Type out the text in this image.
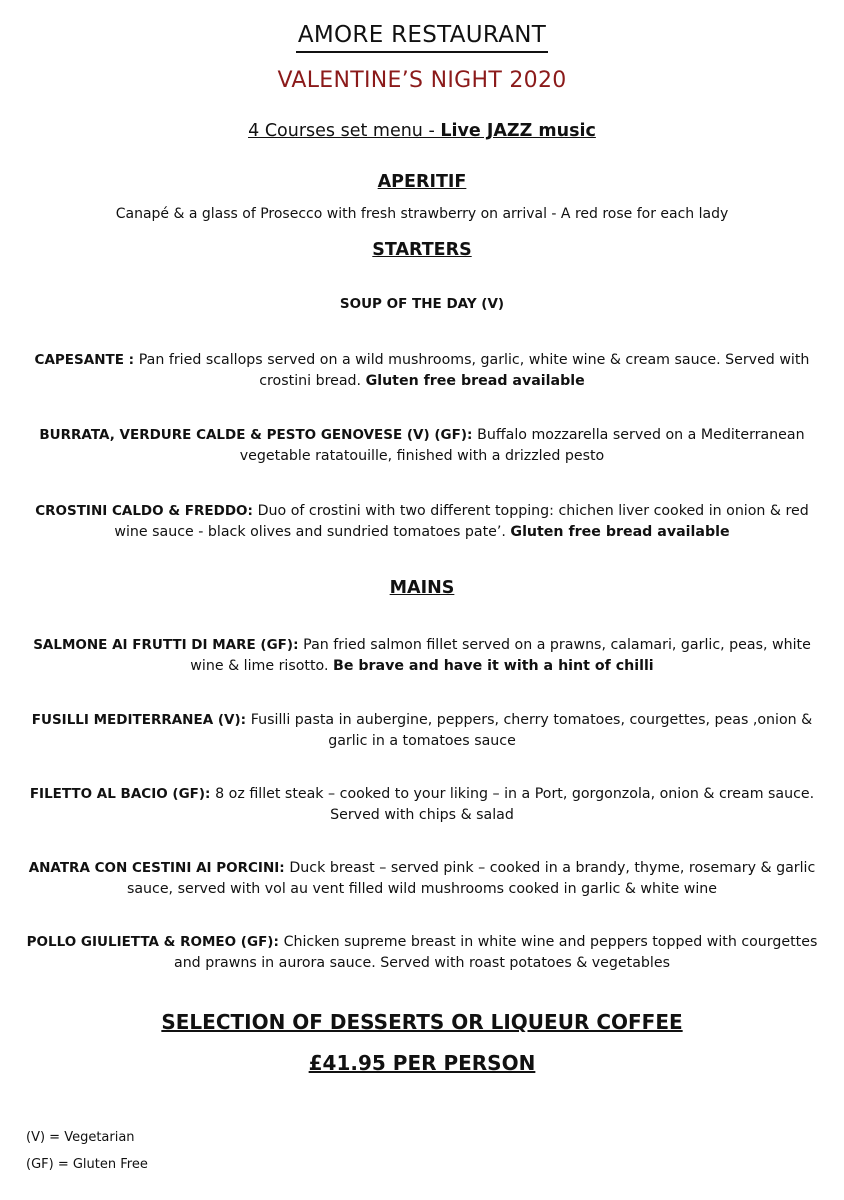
AMORE RESTAURANT
VALENTINE’S NIGHT 2020
4 Courses set menu - Live JAZZ music
APERITIF
Canapé & a glass of Prosecco with fresh strawberry on arrival - A red rose for each lady
STARTERS
SOUP OF THE DAY (V)
CAPESANTE : Pan fried scallops served on a wild mushrooms, garlic, white wine & cream sauce. Served with crostini bread. Gluten free bread available
BURRATA, VERDURE CALDE & PESTO GENOVESE (V) (GF): Buffalo mozzarella served on a Mediterranean vegetable ratatouille, finished with a drizzled pesto
CROSTINI CALDO & FREDDO: Duo of crostini with two different topping: chichen liver cooked in onion & red wine sauce - black olives and sundried tomatoes pate’. Gluten free bread available
MAINS
SALMONE AI FRUTTI DI MARE (GF): Pan fried salmon fillet served on a prawns, calamari, garlic, peas, white wine & lime risotto. Be brave and have it with a hint of chilli
FUSILLI MEDITERRANEA (V): Fusilli pasta in aubergine, peppers, cherry tomatoes, courgettes, peas ,onion & garlic in a tomatoes sauce
FILETTO AL BACIO (GF): 8 oz fillet steak – cooked to your liking – in a Port, gorgonzola, onion & cream sauce. Served with chips & salad
ANATRA CON CESTINI AI PORCINI: Duck breast – served pink – cooked in a brandy, thyme, rosemary & garlic sauce, served with vol au vent filled wild mushrooms cooked in garlic & white wine
POLLO GIULIETTA & ROMEO (GF): Chicken supreme breast in white wine and peppers topped with courgettes and prawns in aurora sauce. Served with roast potatoes & vegetables
SELECTION OF DESSERTS OR LIQUEUR COFFEE
£41.95 PER PERSON
(V) = Vegetarian
(GF) = Gluten Free
